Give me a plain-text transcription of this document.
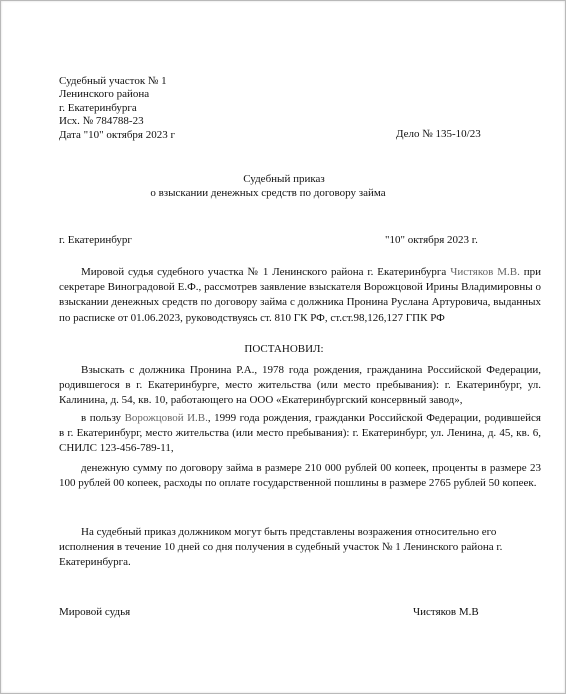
Судебный участок № 1
Ленинского района
г. Екатеринбурга
Исх. № 784788-23
Дата "10" октября 2023 г	Дело № 135-10/23
Судебный приказ
о взыскании денежных средств по договору займа
г. Екатеринбург	"10" октября 2023 г.
Мировой судья судебного участка № 1 Ленинского района г. Екатеринбурга Чистяков М.В. при секретаре Виноградовой Е.Ф., рассмотрев заявление взыскателя Ворожцовой Ирины Владимировны о взыскании денежных средств по договору займа с должника Пронина Руслана Артуровича, выданных по расписке от 01.06.2023, руководствуясь ст. 810 ГК РФ, ст.ст.98,126,127 ГПК РФ
ПОСТАНОВИЛ:
Взыскать с должника Пронина Р.А., 1978 года рождения, гражданина Российской Федерации, родившегося в г. Екатеринбурге, место жительства (или место пребывания): г. Екатеринбург, ул. Калинина, д. 54, кв. 10, работающего на ООО «Екатеринбургский консервный завод»,
в пользу Ворожцовой И.В., 1999 года рождения, гражданки Российской Федерации, родившейся в г. Екатеринбург, место жительства (или место пребывания): г. Екатеринбург, ул. Ленина, д. 45, кв. 6, СНИЛС 123-456-789-11,
денежную сумму по договору займа в размере 210 000 рублей 00 копеек, проценты в размере 23 100 рублей 00 копеек, расходы по оплате государственной пошлины в размере 2765 рублей 50 копеек.
На судебный приказ должником могут быть представлены возражения относительно его исполнения в течение 10 дней со дня получения в судебный участок № 1 Ленинского района г. Екатеринбурга.
Мировой судья	Чистяков М.В
